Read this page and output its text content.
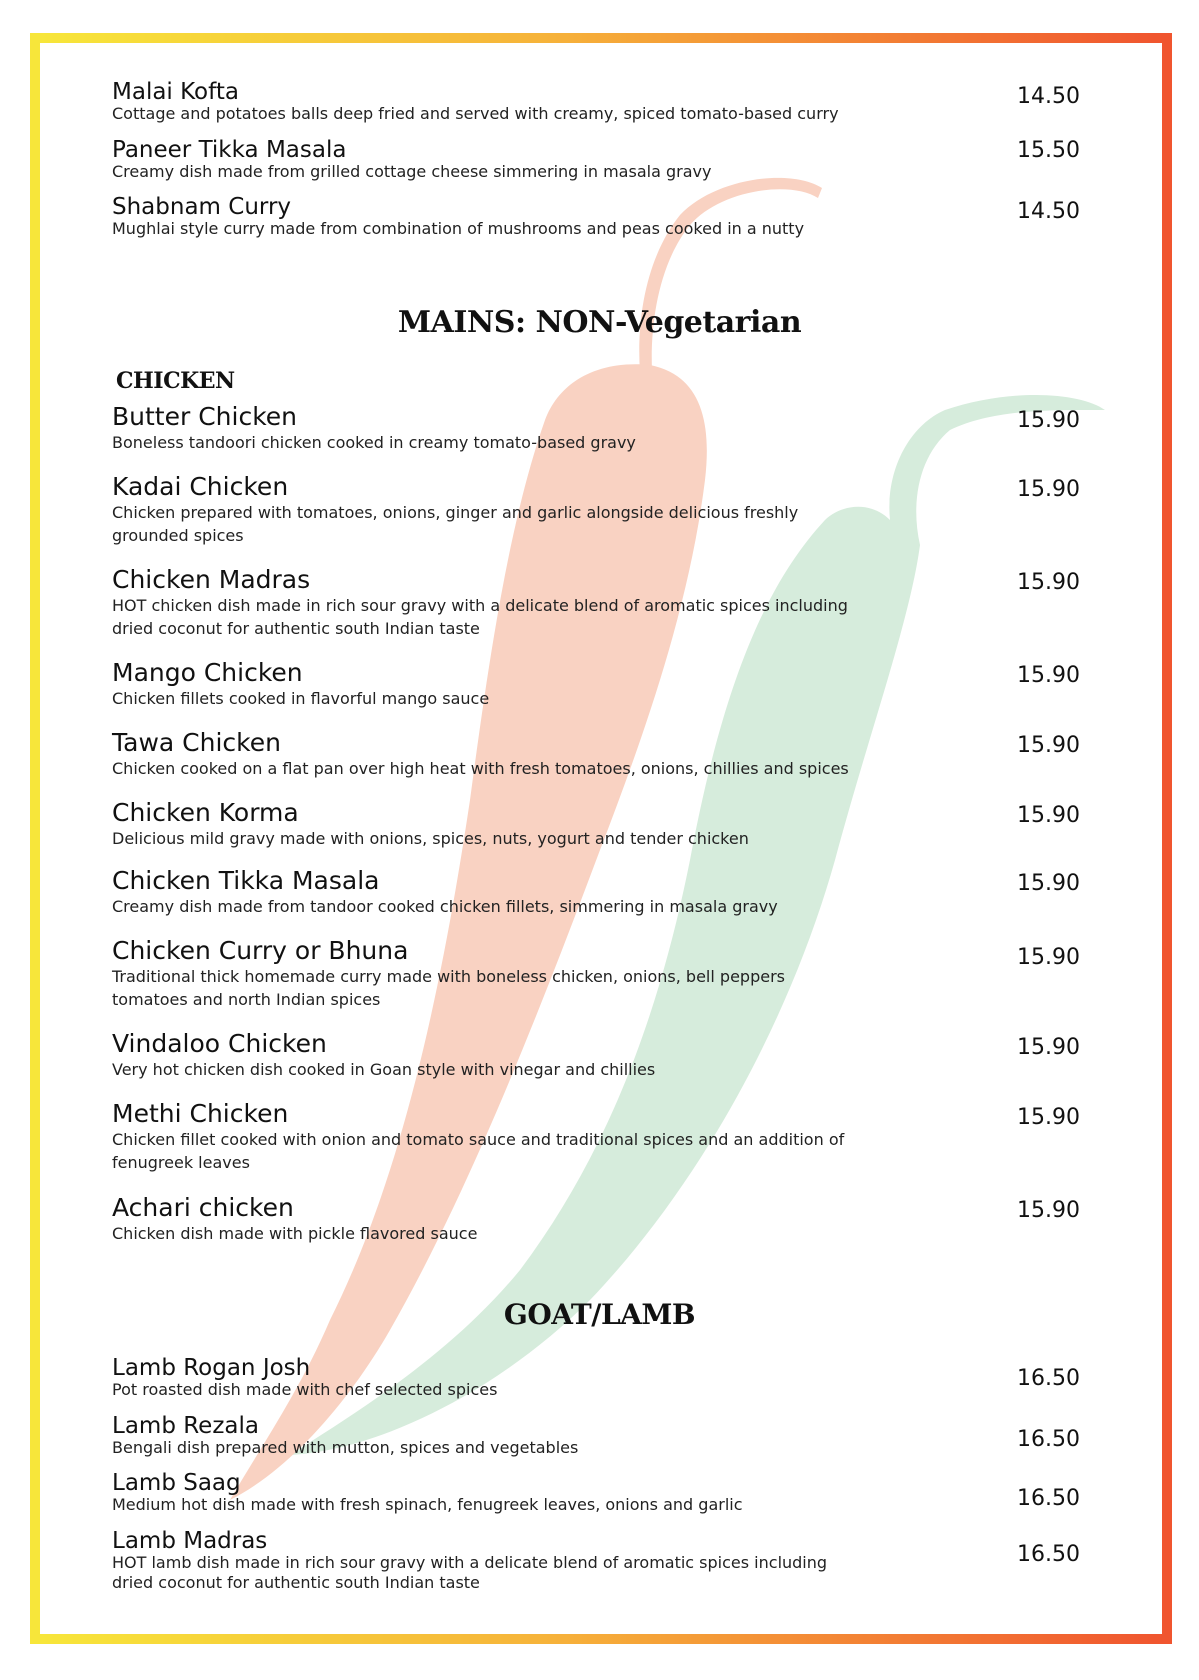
Malai Kofta
Cottage and potatoes balls deep fried and served with creamy, spiced tomato-based curry
14.50
Paneer Tikka Masala
Creamy dish made from grilled cottage cheese simmering in masala gravy
15.50
Shabnam Curry
Mughlai style curry made from combination of mushrooms and peas cooked in a nutty
14.50
MAINS: NON-Vegetarian
CHICKEN
Butter Chicken
Boneless tandoori chicken cooked in creamy tomato-based gravy
15.90
Kadai Chicken
Chicken prepared with tomatoes, onions, ginger and garlic alongside delicious freshly grounded spices
15.90
Chicken Madras
HOT chicken dish made in rich sour gravy with a delicate blend of aromatic spices including dried coconut for authentic south Indian taste
15.90
Mango Chicken
Chicken fillets cooked in flavorful mango sauce
15.90
Tawa Chicken
Chicken cooked on a flat pan over high heat with fresh tomatoes, onions, chillies and spices
15.90
Chicken Korma
Delicious mild gravy made with onions, spices, nuts, yogurt and tender chicken
15.90
Chicken Tikka Masala
Creamy dish made from tandoor cooked chicken fillets, simmering in masala gravy
15.90
Chicken Curry or Bhuna
Traditional thick homemade curry made with boneless chicken, onions, bell peppers tomatoes and north Indian spices
15.90
Vindaloo Chicken
Very hot chicken dish cooked in Goan style with vinegar and chillies
15.90
Methi Chicken
Chicken fillet cooked with onion and tomato sauce and traditional spices and an addition of fenugreek leaves
15.90
Achari chicken
Chicken dish made with pickle flavored sauce
15.90
GOAT/LAMB
Lamb Rogan Josh
Pot roasted dish made with chef selected spices	16.50
Lamb Rezala
Bengali dish prepared with mutton, spices and vegetables	16.50
Lamb Saag
Medium hot dish made with fresh spinach, fenugreek leaves, onions and garlic	16.50
Lamb Madras
HOT lamb dish made in rich sour gravy with a delicate blend of aromatic spices including dried coconut for authentic south Indian taste
16.50
